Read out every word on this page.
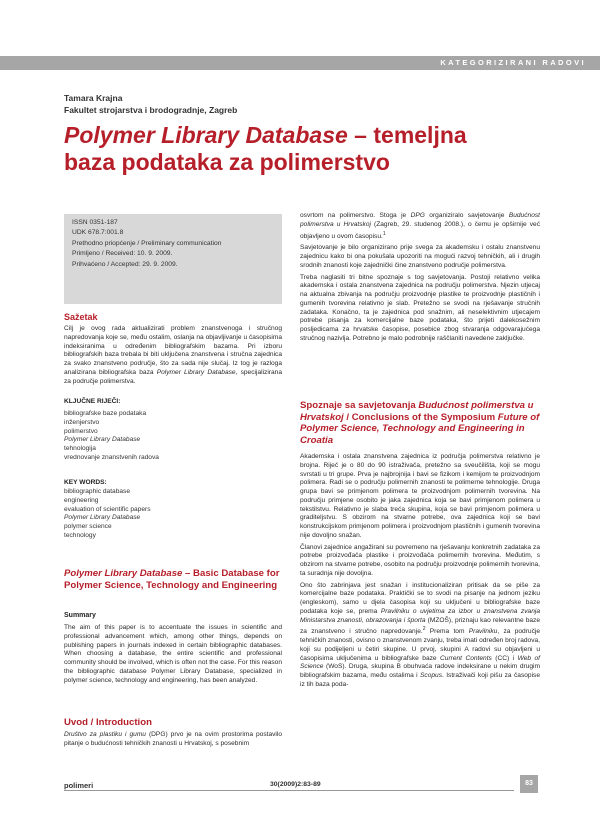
KATEGORIZIRANI RADOVI
Tamara Krajna
Fakultet strojarstva i brodogradnje, Zagreb
Polymer Library Database – temeljna
baza podataka za polimerstvo
ISSN 0351-187
UDK 678.7:001.8
Prethodno priopćenje / Preliminary communication
Primljeno / Received: 10. 9. 2009.
Prihvaćeno / Accepted: 29. 9. 2009.
Sažetak

Cilj je ovog rada aktualizirati problem znanstvenoga i stručnog napredovanja koje se, među ostalim, oslanja na objavljivanje u časopisima indeksiranima u određenim bibliografskim bazama. Pri izboru bibliografskih baza trebala bi biti uključena znanstvena i stručna zajednica za svako znanstveno područje, što za sada nije slučaj. Iz tog je razloga analizirana bibliografska baza Polymer Library Database, specijalizirana za područje polimerstva.

KLJUČNE RIJEČI:
bibliografske baze podataka
inženjerstvo
polimerstvo
Polymer Library Database
tehnologija
vrednovanje znanstvenih radova
KEY WORDS:
bibliographic database
engineering
evaluation of scientific papers
Polymer Library Database
polymer science
technology
Polymer Library Database – Basic Database for Polymer Science, Technology and Engineering
Summary

The aim of this paper is to accentuate the issues in scientific and professional advancement which, among other things, depends on publishing papers in journals indexed in certain bibliographic databases. When choosing a database, the entire scientific and professional community should be involved, which is often not the case. For this reason the bibliographic database Polymer Library Database, specialized in polymer science, technology and engineering, has been analyzed.

Uvod / Introduction

Društvo za plastiku i gumu (DPG) prvo je na ovim prostorima postavilo pitanje o budućnosti tehničkih znanosti u Hrvatskoj, s posebnim

osvrtom na polimerstvo. Stoga je DPG organiziralo savjetovanje Budućnost polimerstva u Hrvatskoj (Zagreb, 29. studenog 2008.), o čemu je opširnije već objavljeno u ovom časopisu.$^1$

Savjetovanje je bilo organizirano prije svega za akademsku i ostalu znanstvenu zajednicu kako bi ona pokušala upozoriti na mogući razvoj tehničkih, ali i drugih srodnih znanosti koje zajednički čine znanstveno područje polimerstva.

Treba naglasiti tri bitne spoznaje s tog savjetovanja. Postoji relativno velika akademska i ostala znanstvena zajednica na području polimerstva. Njezin utjecaj na aktualna zbivanja na području proizvodnje plastike te proizvodnje plastičnih i gumenih tvorevina relativno je slab. Pretežno se svodi na rješavanje stručnih zadataka. Konačno, ta je zajednica pod snažnim, ali neselektivnim utjecajem potrebe pisanja za komercijalne baze podataka, što prijeti dalekosežnim posljedicama za hrvatske časopise, posebice zbog stvaranja odgovarajućega stručnog nazivlja. Potrebno je malo podrobnije raščlaniti navedene zaključke.

Spoznaje sa savjetovanja Budućnost polimerstva u Hrvatskoj / Conclusions of the Symposium Future of Polymer Science, Technology and Engineering in Croatia

Akademska i ostala znanstvena zajednica iz područja polimerstva relativno je brojna. Riječ je o 80 do 90 istraživača, pretežno sa sveučilišta, koji se mogu svrstati u tri grupe. Prva je najbrojnija i bavi se fizikom i kemijom te proizvodnjom polimera. Radi se o području polimernih znanosti te polimerne tehnologije. Druga grupa bavi se primjenom polimera te proizvodnjom polimernih tvorevina. Na području primjene osobito je jaka zajednica koja se bavi primjenom polimera u tekstilstvu. Relativno je slaba treća skupina, koja se bavi primjenom polimera u graditeljstvu. S obzirom na stvarne potrebe, ova zajednica koji se bavi konstrukcijskom primjenom polimera i proizvodnjom plastičnih i gumenih tvorevina nije dovoljno snažan.

Članovi zajednice angažirani su povremeno na rješavanju konkretnih zadataka za potrebe proizvođača plastike i proizvođača polimernih tvorevina. Međutim, s obzirom na stvarne potrebe, osobito na području proizvodnje polimernih tvorevina, ta suradnja nije dovoljna.

Ono što zabrinjava jest snažan i institucionaliziran pritisak da se piše za komercijalne baze podataka. Praktički se to svodi na pisanje na jednom jeziku (engleskom), samo u djela časopisa koji su uključeni u bibliografske baze podataka koje se, prema Pravilniku o uvjetima za izbor u znanstvena zvanja Ministarstva znanosti, obrazovanja i športa (MZOŠ), priznaju kao relevantne baze za znanstveno i stručno napredovanje.$^2$ Prema tom Pravilniku, za područje tehničkih znanosti, ovisno o znanstvenom zvanju, treba imati određen broj radova, koji su podijeljeni u četiri skupine. U prvoj, skupini A radovi su objavljeni u časopisima uključenima u bibliografske baze Current Contents (CC) i Web of Science (WoS). Druga, skupina B obuhvaća radove indeksirane u nekim drugim bibliografskim bazama, među ostalima i Scopus. Istraživači koji pišu za časopise iz tih baza poda-

polimeri	30(2009)2:83-89	83
